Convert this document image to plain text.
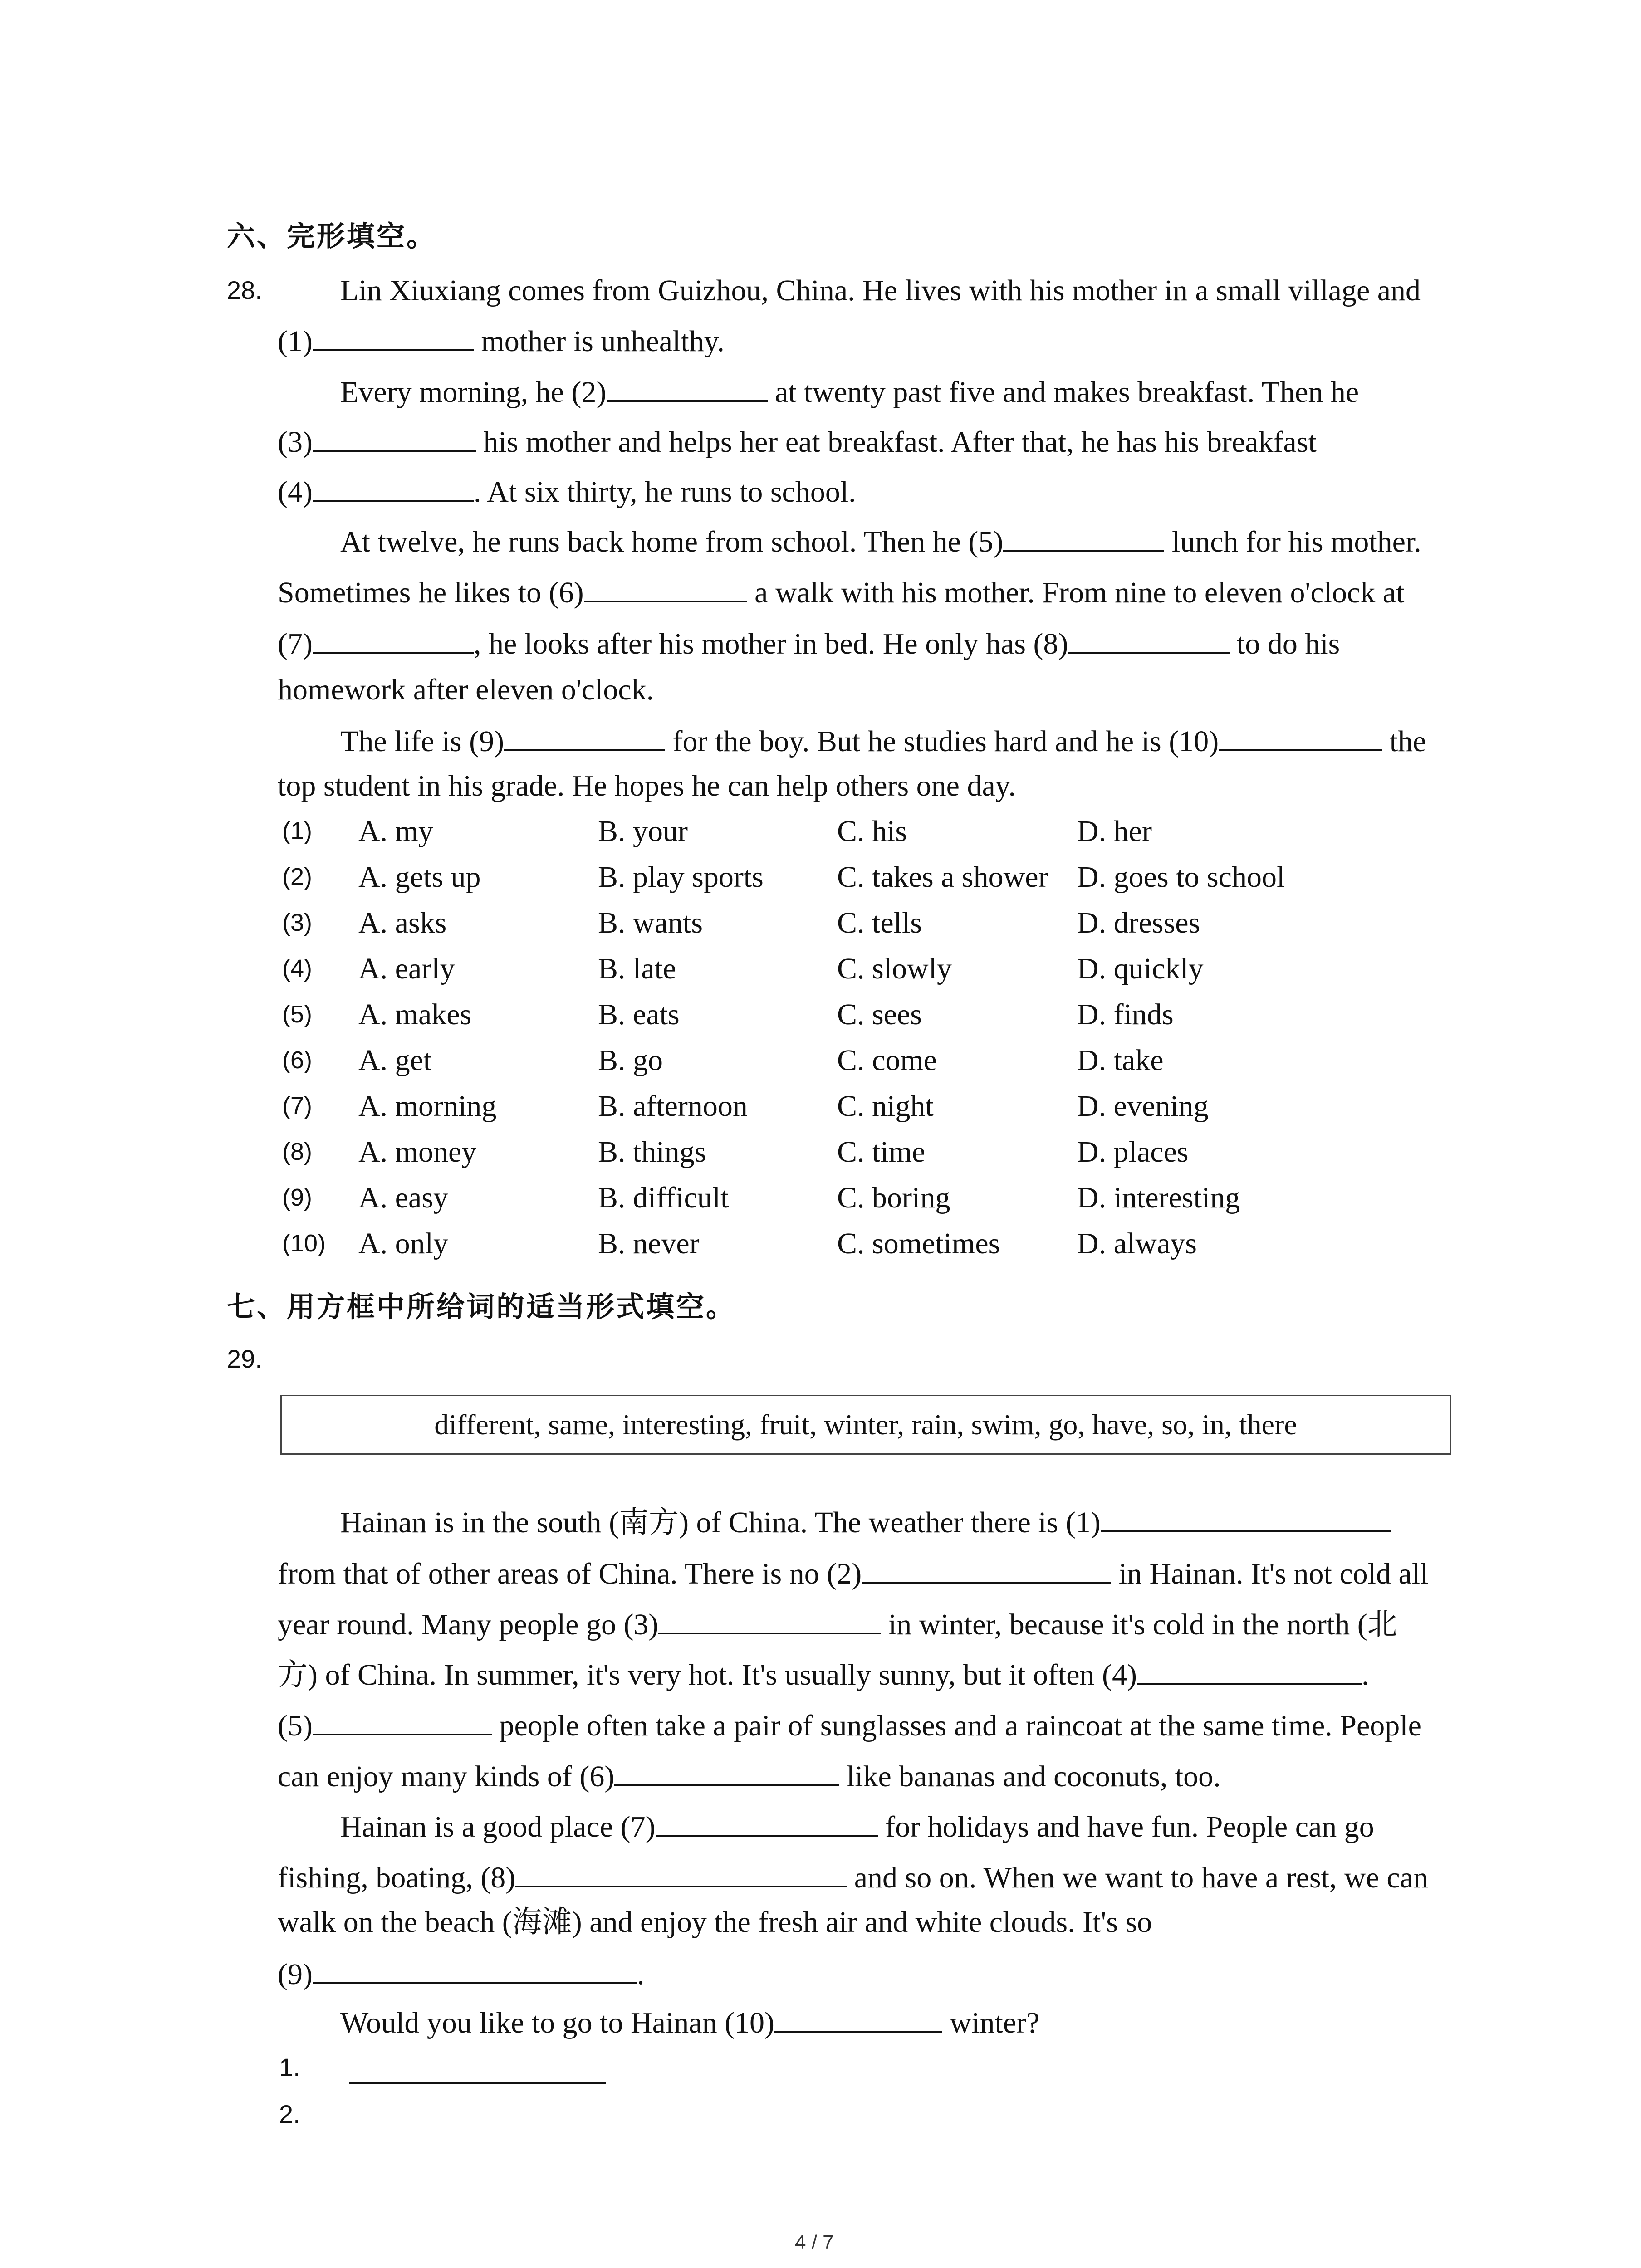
六、完形填空。
28.	Lin Xiuxiang comes from Guizhou, China. He lives with his mother in a small village and
(1)	mother is unhealthy.
Every morning, he (2)	at twenty past five and makes breakfast. Then he
(3)	his mother and helps her eat breakfast. After that, he has his breakfast
(4)	. At six thirty, he runs to school.
At twelve, he runs back home from school. Then he (5)	lunch for his mother.
Sometimes he likes to (6)	a walk with his mother. From nine to eleven o'clock at
(7)	, he looks after his mother in bed. He only has (8)	to do his
homework after eleven o'clock.
The life is (9)	for the boy. But he studies hard and he is (10)	the
top student in his grade. He hopes he can help others one day.
(1) A. my	B. your	C. his	D. her
(2) A. gets up	B. play sports C. takes a shower D. goes to school
(3) A. asks	B. wants	C. tells	D. dresses
(4) A. early	B. late	C. slowly	D. quickly
(5) A. makes	B. eats	C. sees	D. finds
(6) A. get	B. go	C. come	D. take
(7) A. morning	B. afternoon	C. night	D. evening
(8) A. money	B. things	C. time	D. places
(9) A. easy	B. difficult	C. boring	D. interesting
(10) A. only	B. never	C. sometimes	D. always
七、用方框中所给词的适当形式填空。
29.
different, same, interesting, fruit, winter, rain, swim, go, have, so, in, there
Hainan is in the south (南方) of China. The weather there is (1)
from that of other areas of China. There is no (2)	in Hainan. It's not cold all
year round. Many people go (3)	in winter, because it's cold in the north (北
方) of China. In summer, it's very hot. It's usually sunny, but it often (4)	.
(5)	people often take a pair of sunglasses and a raincoat at the same time. People
can enjoy many kinds of (6)	like bananas and coconuts, too.
Hainan is a good place (7)	for holidays and have fun. People can go
fishing, boating, (8)	and so on. When we want to have a rest, we can
walk on the beach (海滩) and enjoy the fresh air and white clouds. It's so
(9)	.
Would you like to go to Hainan (10)	winter?
1.
2.
4 / 7
